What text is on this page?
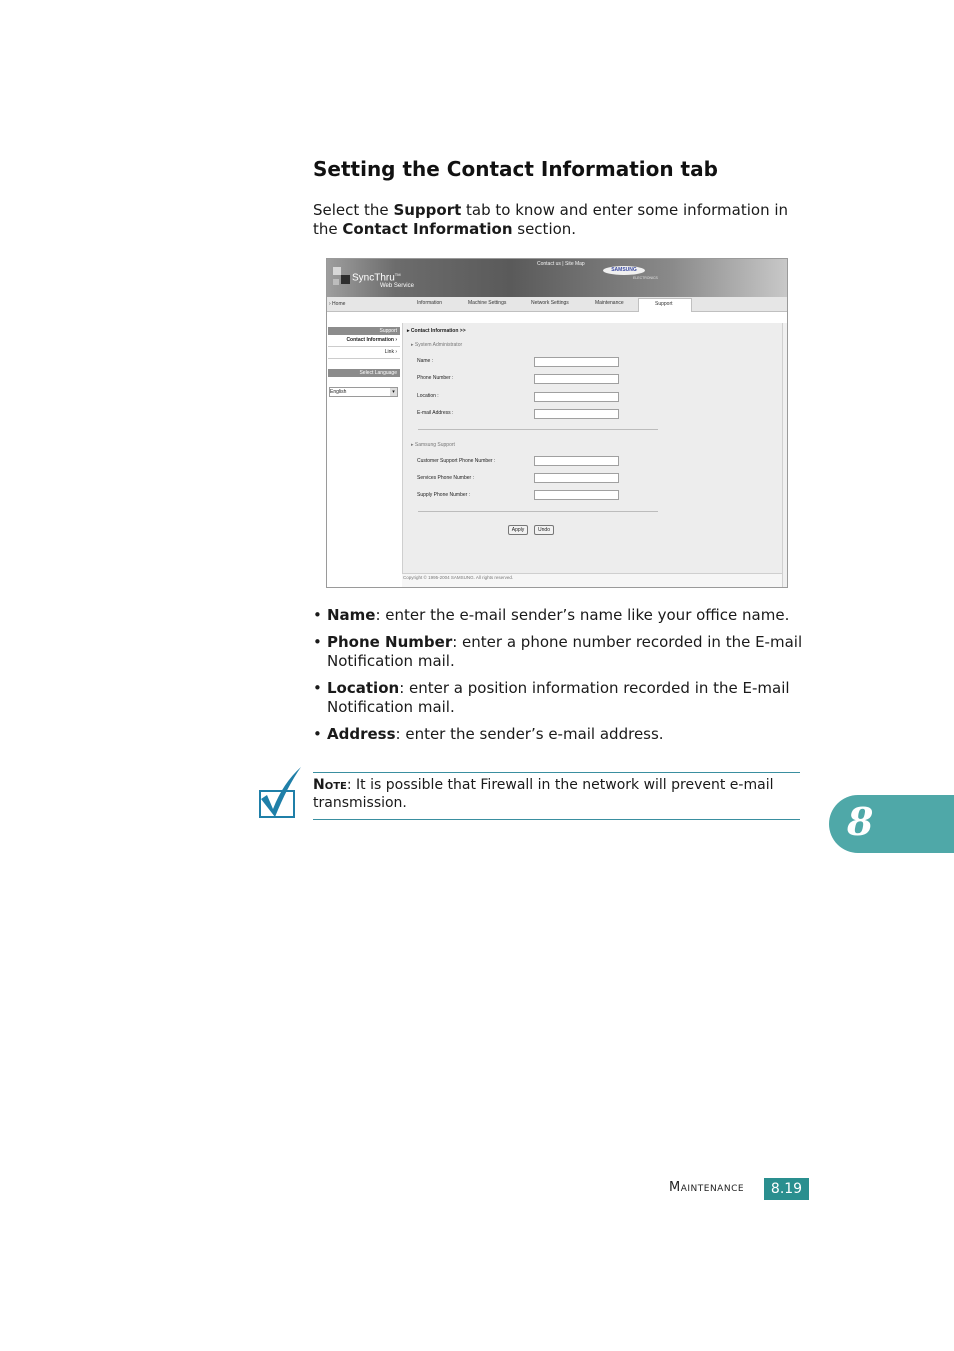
Setting the Contact Information tab

Select the Support tab to know and enter some information in the Contact Information section.

SyncThru™
Web Service
Contact us | Site Map
SAMSUNG
ELECTRONICS
› Home	Information	Machine Settings	Network Settings	Maintenance	Support
Support
Contact Information ›
Link ›
Select Language
English	▾
▸ Contact Information >>
▸ System Administrator
Name :
Phone Number :
Location :
E-mail Address :
▸ Samsung Support
Customer Support Phone Number :
Services Phone Number :
Supply Phone Number :
Apply	Undo
Copyright © 1995-2004 SAMSUNG. All rights reserved.
• Name: enter the e-mail sender’s name like your office name.
• Phone Number: enter a phone number recorded in the E-mail Notification mail.
• Location: enter a position information recorded in the E-mail Notification mail.
• Address: enter the sender’s e-mail address.

Note: It is possible that Firewall in the network will prevent e-mail transmission.	8
Maintenance	8.19
